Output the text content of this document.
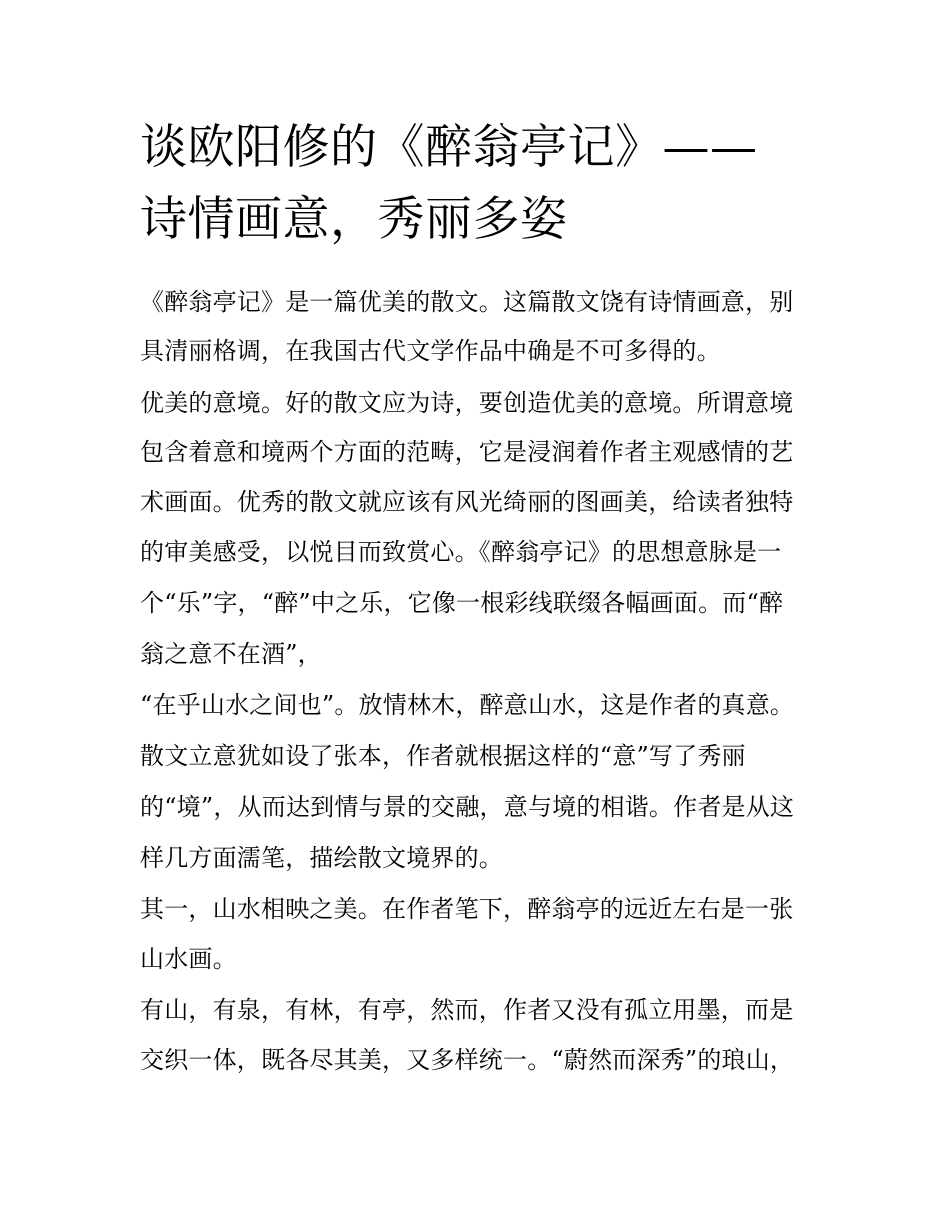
谈欧阳修的《醉翁亭记》——
诗情画意，秀丽多姿

《醉翁亭记》是一篇优美的散文。这篇散文饶有诗情画意，别

具清丽格调，在我国古代文学作品中确是不可多得的。

优美的意境。好的散文应为诗，要创造优美的意境。所谓意境

包含着意和境两个方面的范畴，它是浸润着作者主观感情的艺

术画面。优秀的散文就应该有风光绮丽的图画美，给读者独特

的审美感受，以悦目而致赏心。《醉翁亭记》的思想意脉是一

个“乐”字，“醉”中之乐，它像一根彩线联缀各幅画面。而“醉

翁之意不在酒”，

“在乎山水之间也”。放情林木，醉意山水，这是作者的真意。

散文立意犹如设了张本，作者就根据这样的“意”写了秀丽

的“境”，从而达到情与景的交融，意与境的相谐。作者是从这

样几方面濡笔，描绘散文境界的。

其一，山水相映之美。在作者笔下，醉翁亭的远近左右是一张

山水画。

有山，有泉，有林，有亭，然而，作者又没有孤立用墨，而是

交织一体，既各尽其美，又多样统一。“蔚然而深秀”的琅山，
